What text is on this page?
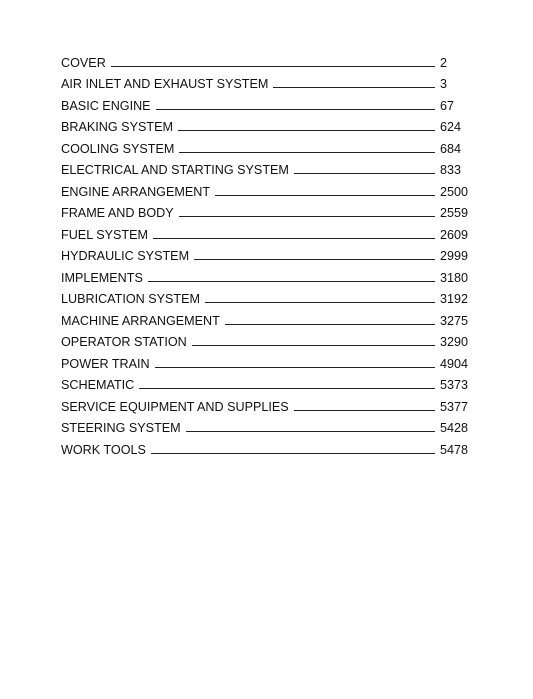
COVER	2
AIR INLET AND EXHAUST SYSTEM	3
BASIC ENGINE	67
BRAKING SYSTEM	624
COOLING SYSTEM	684
ELECTRICAL AND STARTING SYSTEM	833
ENGINE ARRANGEMENT	2500
FRAME AND BODY	2559
FUEL SYSTEM	2609
HYDRAULIC SYSTEM	2999
IMPLEMENTS	3180
LUBRICATION SYSTEM	3192
MACHINE ARRANGEMENT	3275
OPERATOR STATION	3290
POWER TRAIN	4904
SCHEMATIC	5373
SERVICE EQUIPMENT AND SUPPLIES	5377
STEERING SYSTEM	5428
WORK TOOLS	5478
